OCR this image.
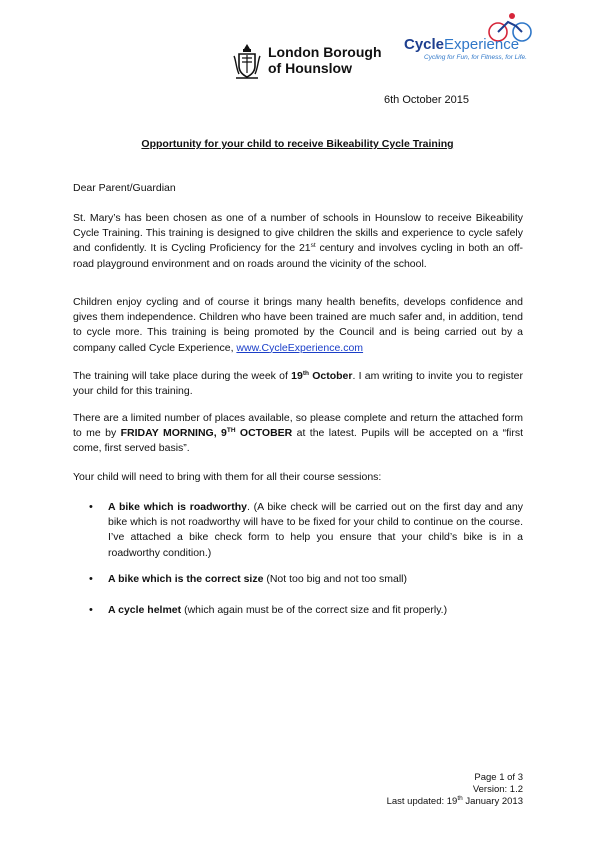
London Borough
of Hounslow
CycleExperience
Cycling for Fun, for Fitness, for Life.
6th October 2015
Opportunity for your child to receive Bikeability Cycle Training
Dear Parent/Guardian
St. Mary’s has been chosen as one of a number of schools in Hounslow to receive Bikeability Cycle Training. This training is designed to give children the skills and experience to cycle safely and confidently. It is Cycling Proficiency for the 21st century and involves cycling in both an off-road playground environment and on roads around the vicinity of the school.
Children enjoy cycling and of course it brings many health benefits, develops confidence and gives them independence. Children who have been trained are much safer and, in addition, tend to cycle more. This training is being promoted by the Council and is being carried out by a company called Cycle Experience, www.CycleExperience.com
The training will take place during the week of 19th October. I am writing to invite you to register your child for this training.
There are a limited number of places available, so please complete and return the attached form to me by FRIDAY MORNING, 9TH OCTOBER at the latest. Pupils will be accepted on a “first come, first served basis”.
Your child will need to bring with them for all their course sessions:
• A bike which is roadworthy. (A bike check will be carried out on the first day and any bike which is not roadworthy will have to be fixed for your child to continue on the course. I’ve attached a bike check form to help you ensure that your child’s bike is in a roadworthy condition.)
• A bike which is the correct size (Not too big and not too small)
• A cycle helmet (which again must be of the correct size and fit properly.)
Page 1 of 3
Version: 1.2
Last updated: 19th January 2013
